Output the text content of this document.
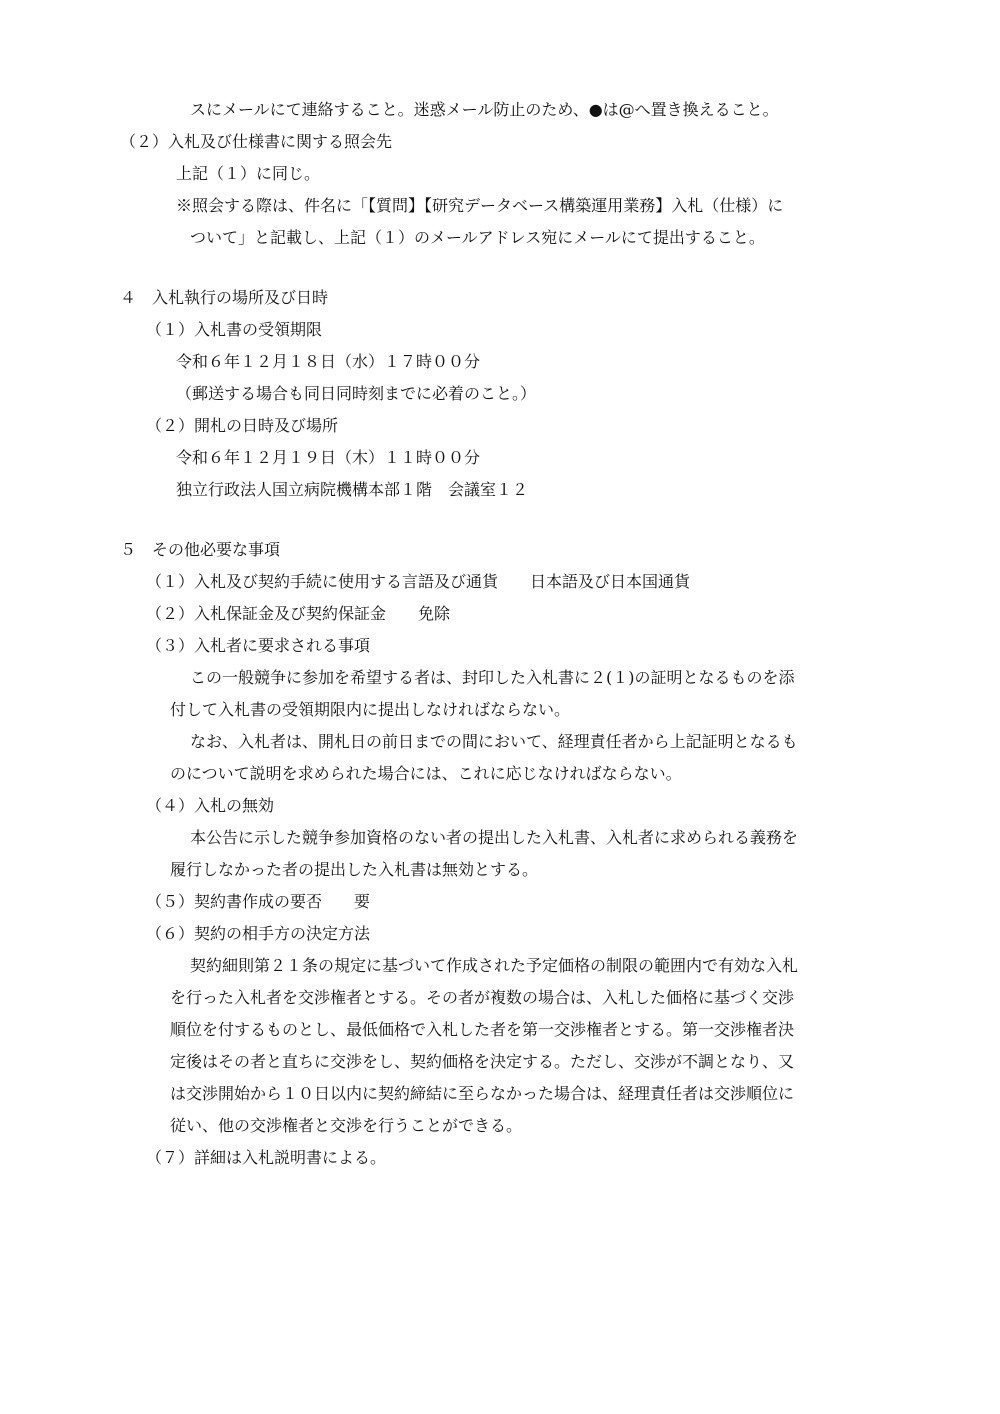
スにメールにて連絡すること。迷惑メール防止のため、●は@へ置き換えること。
（２）入札及び仕様書に関する照会先
上記（１）に同じ。
※照会する際は、件名に「【質問】【研究データベース構築運用業務】入札（仕様）に
ついて」と記載し、上記（１）のメールアドレス宛にメールにて提出すること。
４　入札執行の場所及び日時
（１）入札書の受領期限
令和６年１２月１８日（水）１７時００分
（郵送する場合も同日同時刻までに必着のこと。）
（２）開札の日時及び場所
令和６年１２月１９日（木）１１時００分
独立行政法人国立病院機構本部１階　会議室１２
５　その他必要な事項
（１）入札及び契約手続に使用する言語及び通貨　　日本語及び日本国通貨
（２）入札保証金及び契約保証金　　免除
（３）入札者に要求される事項
この一般競争に参加を希望する者は、封印した入札書に２(１)の証明となるものを添
付して入札書の受領期限内に提出しなければならない。
なお、入札者は、開札日の前日までの間において、経理責任者から上記証明となるも
のについて説明を求められた場合には、これに応じなければならない。
（４）入札の無効
本公告に示した競争参加資格のない者の提出した入札書、入札者に求められる義務を
履行しなかった者の提出した入札書は無効とする。
（５）契約書作成の要否　　要
（６）契約の相手方の決定方法
契約細則第２１条の規定に基づいて作成された予定価格の制限の範囲内で有効な入札
を行った入札者を交渉権者とする。その者が複数の場合は、入札した価格に基づく交渉
順位を付するものとし、最低価格で入札した者を第一交渉権者とする。第一交渉権者決
定後はその者と直ちに交渉をし、契約価格を決定する。ただし、交渉が不調となり、又
は交渉開始から１０日以内に契約締結に至らなかった場合は、経理責任者は交渉順位に
従い、他の交渉権者と交渉を行うことができる。
（７）詳細は入札説明書による。
